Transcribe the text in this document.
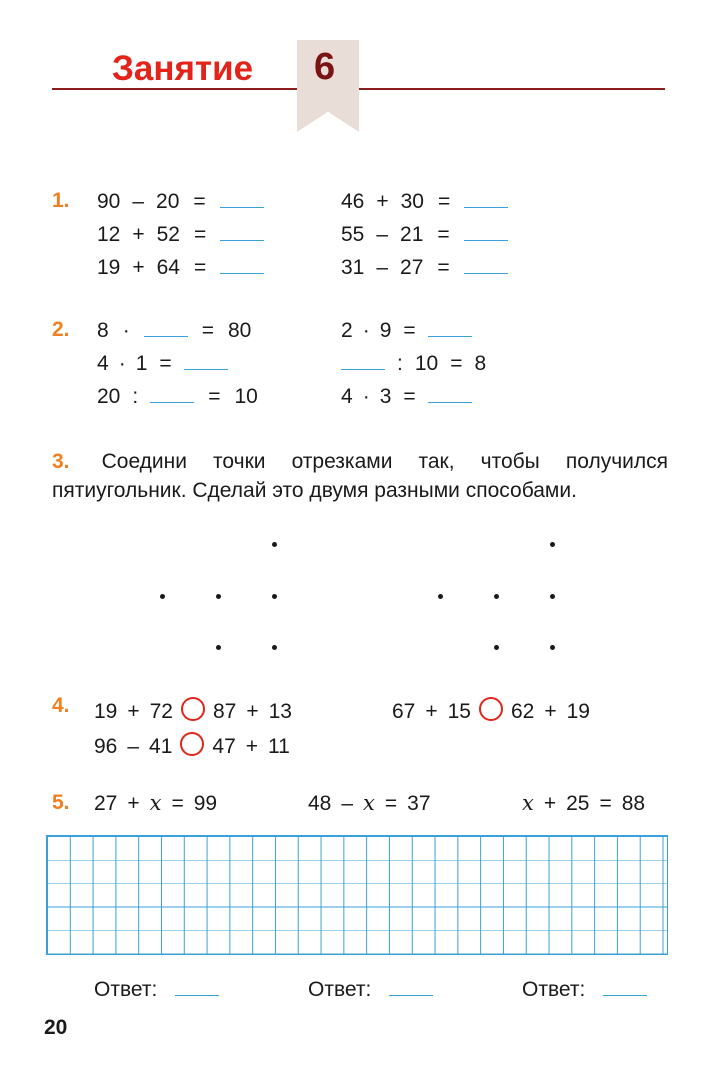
Занятие 6
1. 90 – 20 =
12 + 52 =
19 + 64 =
46 + 30 =
55 – 21 =
31 – 27 =
2. 8 ·	= 80
4 · 1 =
20 :	= 10
2 · 9 =
: 10 = 8
4 · 3 =
3. Соедини точки отрезками так, чтобы получился пятиугольник. Сделай это двумя разными способами.
4. 19 + 72 87 + 13	67 + 15 62 + 19
96 – 41 47 + 11
5. 27 + x = 99	48 – x = 37	x + 25 = 88
Ответ:	Ответ:	Ответ:
20
